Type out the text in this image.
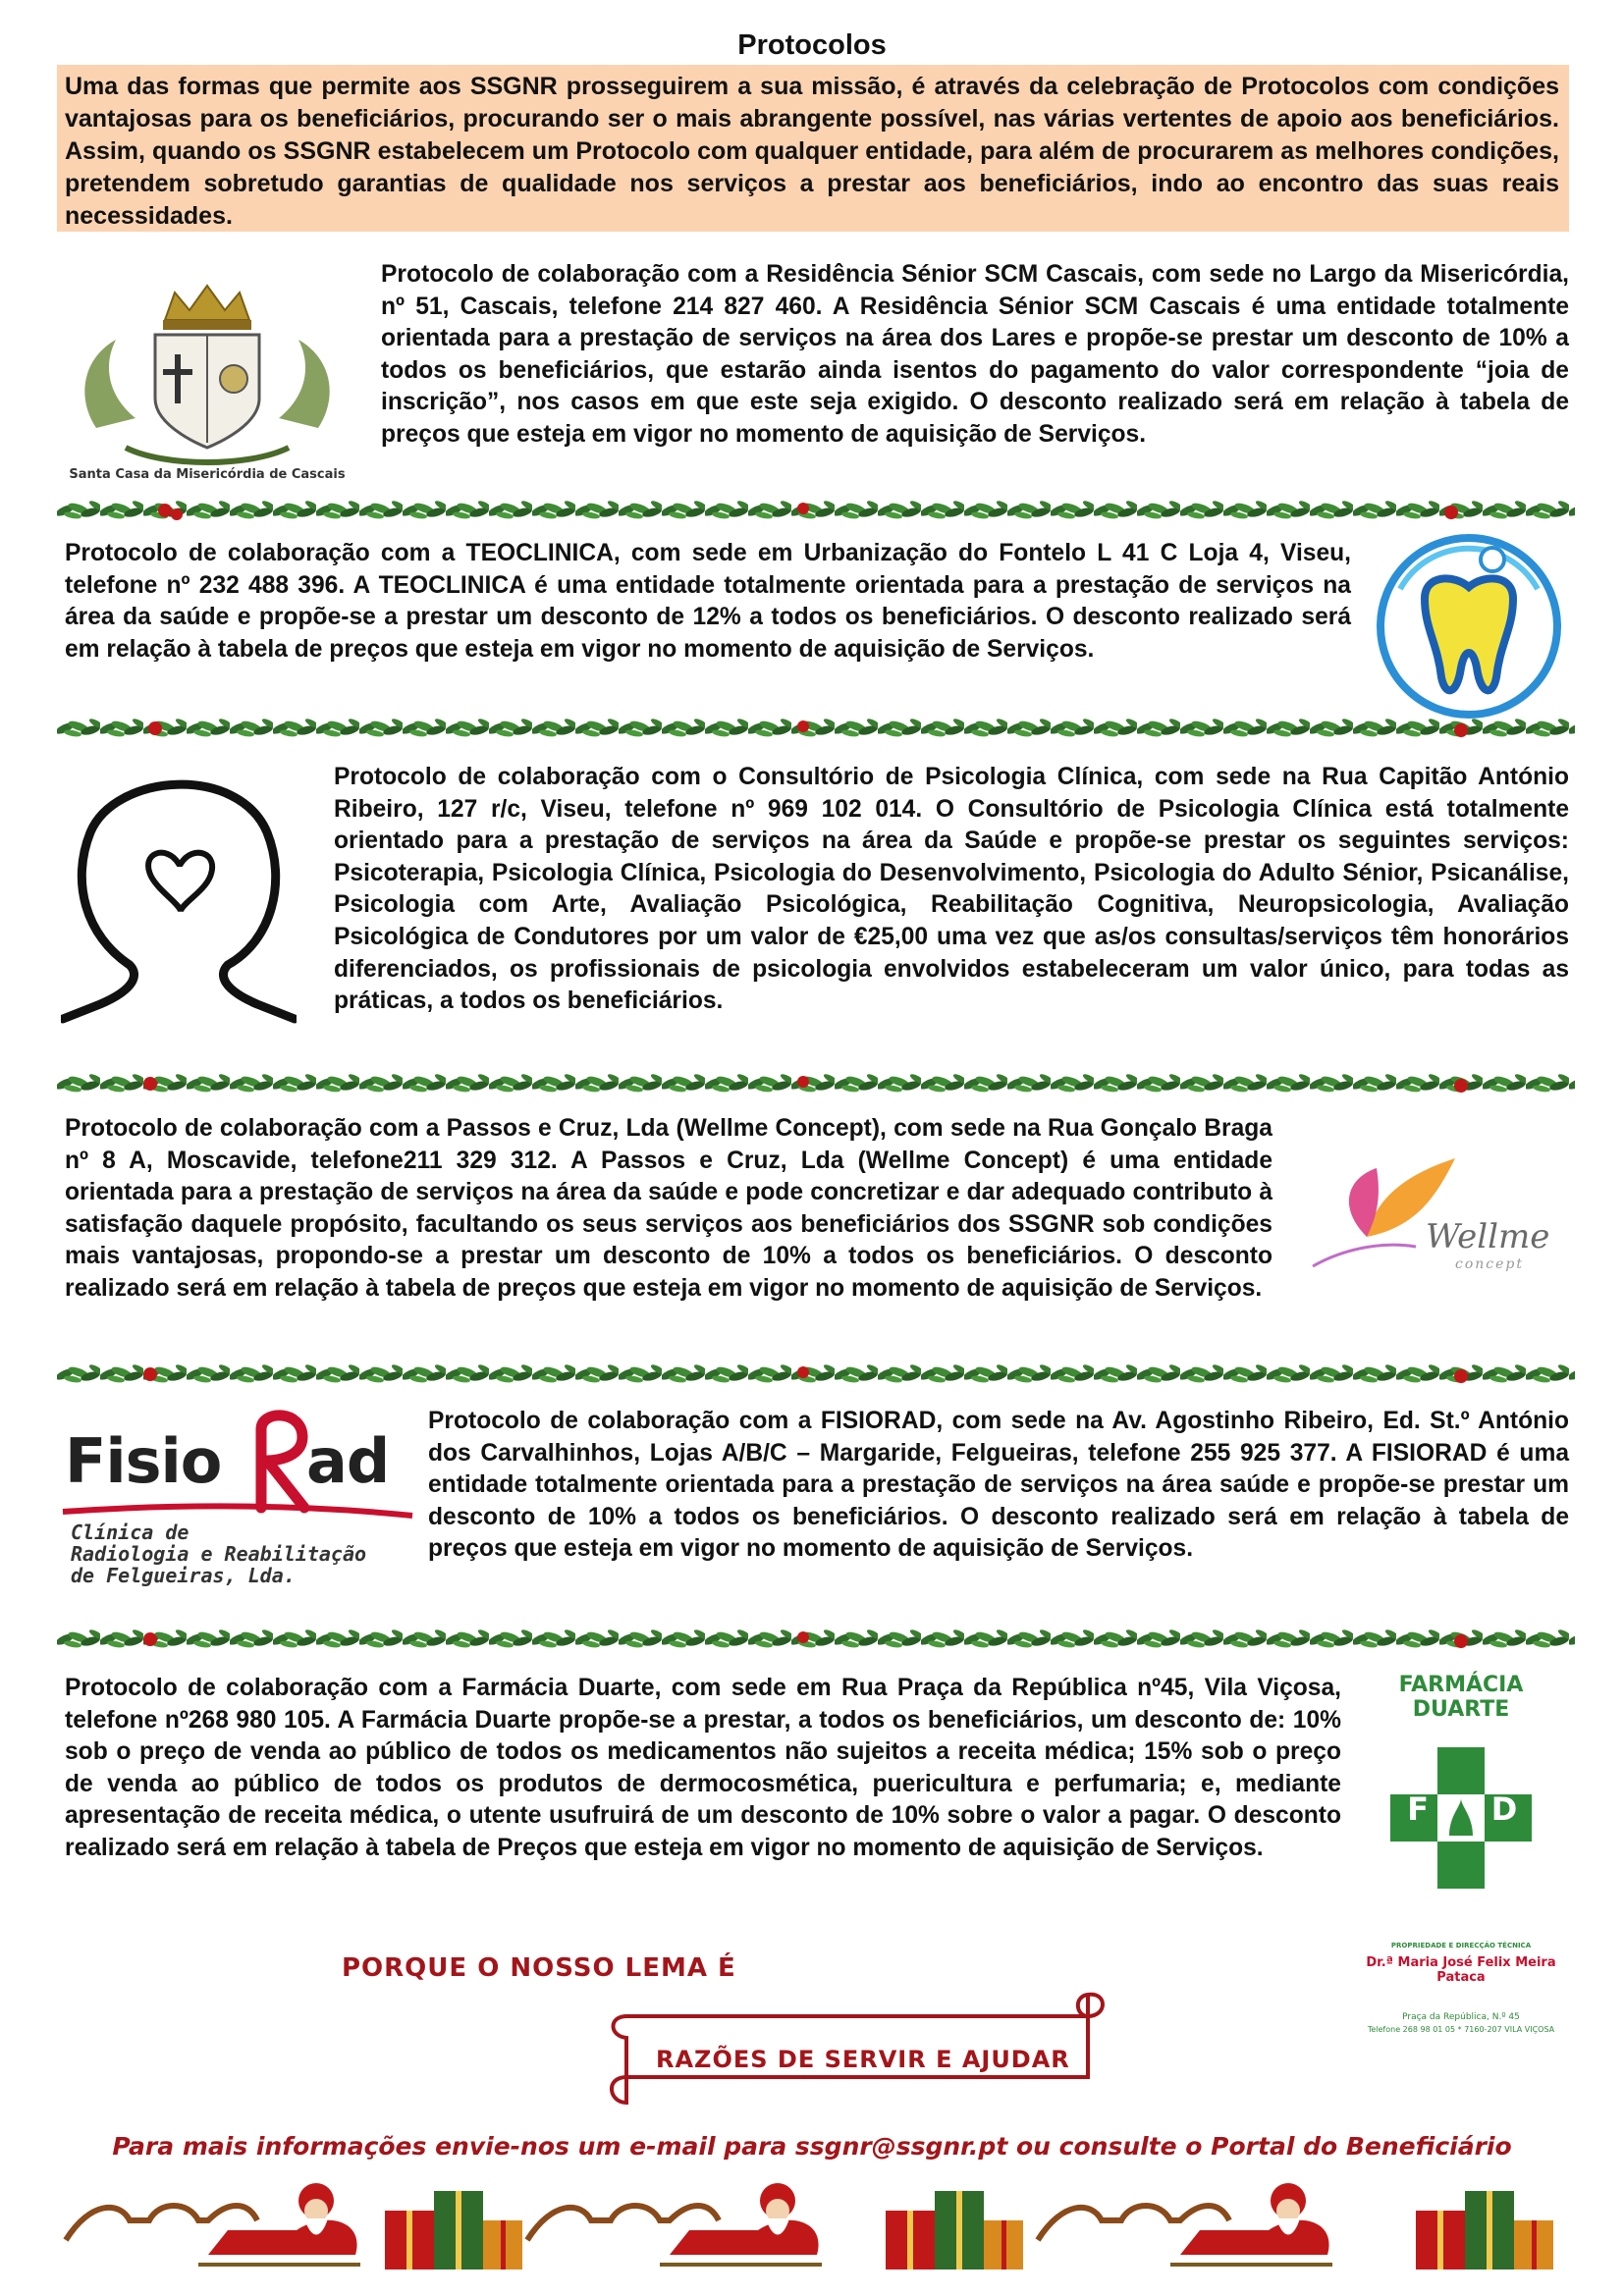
Protocolos
Uma das formas que permite aos SSGNR prosseguirem a sua missão, é através da celebração de Protocolos com condições vantajosas para os beneficiários, procurando ser o mais abrangente possível, nas várias vertentes de apoio aos beneficiários. Assim, quando os SSGNR estabelecem um Protocolo com qualquer entidade, para além de procurarem as melhores condições, pretendem sobretudo garantias de qualidade nos serviços a prestar aos beneficiários, indo ao encontro das suas reais necessidades.
Santa Casa da Misericórdia de Cascais
Protocolo de colaboração com a Residência Sénior SCM Cascais, com sede no Largo da Misericórdia, nº 51, Cascais, telefone 214 827 460. A Residência Sénior SCM Cascais é uma entidade totalmente orientada para a prestação de serviços na área dos Lares e propõe-se prestar um desconto de 10% a todos os beneficiários, que estarão ainda isentos do pagamento do valor correspondente “joia de inscrição”, nos casos em que este seja exigido. O desconto realizado será em relação à tabela de preços que esteja em vigor no momento de aquisição de Serviços.
Protocolo de colaboração com a TEOCLINICA, com sede em Urbanização do Fontelo L 41 C Loja 4, Viseu, telefone nº 232 488 396. A TEOCLINICA é uma entidade totalmente orientada para a prestação de serviços na área da saúde e propõe-se a prestar um desconto de 12% a todos os beneficiários. O desconto realizado será em relação à tabela de preços que esteja em vigor no momento de aquisição de Serviços.
Protocolo de colaboração com o Consultório de Psicologia Clínica, com sede na Rua Capitão António Ribeiro, 127 r/c, Viseu, telefone nº 969 102 014. O Consultório de Psicologia Clínica está totalmente orientado para a prestação de serviços na área da Saúde e propõe-se prestar os seguintes serviços: Psicoterapia, Psicologia Clínica, Psicologia do Desenvolvimento, Psicologia do Adulto Sénior, Psicanálise, Psicologia com Arte, Avaliação Psicológica, Reabilitação Cognitiva, Neuropsicologia, Avaliação Psicológica de Condutores por um valor de €25,00 uma vez que as/os consultas/serviços têm honorários diferenciados, os profissionais de psicologia envolvidos estabeleceram um valor único, para todas as práticas, a todos os beneficiários.
Protocolo de colaboração com a Passos e Cruz, Lda (Wellme Concept), com sede na Rua Gonçalo Braga nº 8 A, Moscavide, telefone211 329 312. A Passos e Cruz, Lda (Wellme Concept) é uma entidade orientada para a prestação de serviços na área da saúde e pode concretizar e dar adequado contributo à satisfação daquele propósito, facultando os seus serviços aos beneficiários dos SSGNR sob condições mais vantajosas, propondo-se a prestar um desconto de 10% a todos os beneficiários. O desconto realizado será em relação à tabela de preços que esteja em vigor no momento de aquisição de Serviços.
Wellme
concept
Fisio ad
Clínica de
Radiologia e Reabilitação
de Felgueiras, Lda.
Protocolo de colaboração com a FISIORAD, com sede na Av. Agostinho Ribeiro, Ed. St.º António dos Carvalhinhos, Lojas A/B/C – Margaride, Felgueiras, telefone 255 925 377. A FISIORAD é uma entidade totalmente orientada para a prestação de serviços na área saúde e propõe-se prestar um desconto de 10% a todos os beneficiários. O desconto realizado será em relação à tabela de preços que esteja em vigor no momento de aquisição de Serviços.
Protocolo de colaboração com a Farmácia Duarte, com sede em Rua Praça da República nº45, Vila Viçosa, telefone nº268 980 105. A Farmácia Duarte propõe-se a prestar, a todos os beneficiários, um desconto de: 10% sob o preço de venda ao público de todos os medicamentos não sujeitos a receita médica; 15% sob o preço de venda ao público de todos os produtos de dermocosmética, puericultura e perfumaria; e, mediante apresentação de receita médica, o utente usufruirá de um desconto de 10% sobre o valor a pagar. O desconto realizado será em relação à tabela de Preços que esteja em vigor no momento de aquisição de Serviços.
FARMÁCIA DUARTE
F D
PROPRIEDADE E DIRECÇÃO TÉCNICA
Dr.ª Maria José Felix Meira Pataca
Praça da República, N.º 45
Telefone 268 98 01 05 * 7160-207 VILA VIÇOSA
PORQUE O NOSSO LEMA É
RAZÕES DE SERVIR E AJUDAR
Para mais informações envie-nos um e-mail para ssgnr@ssgnr.pt ou consulte o Portal do Beneficiário
